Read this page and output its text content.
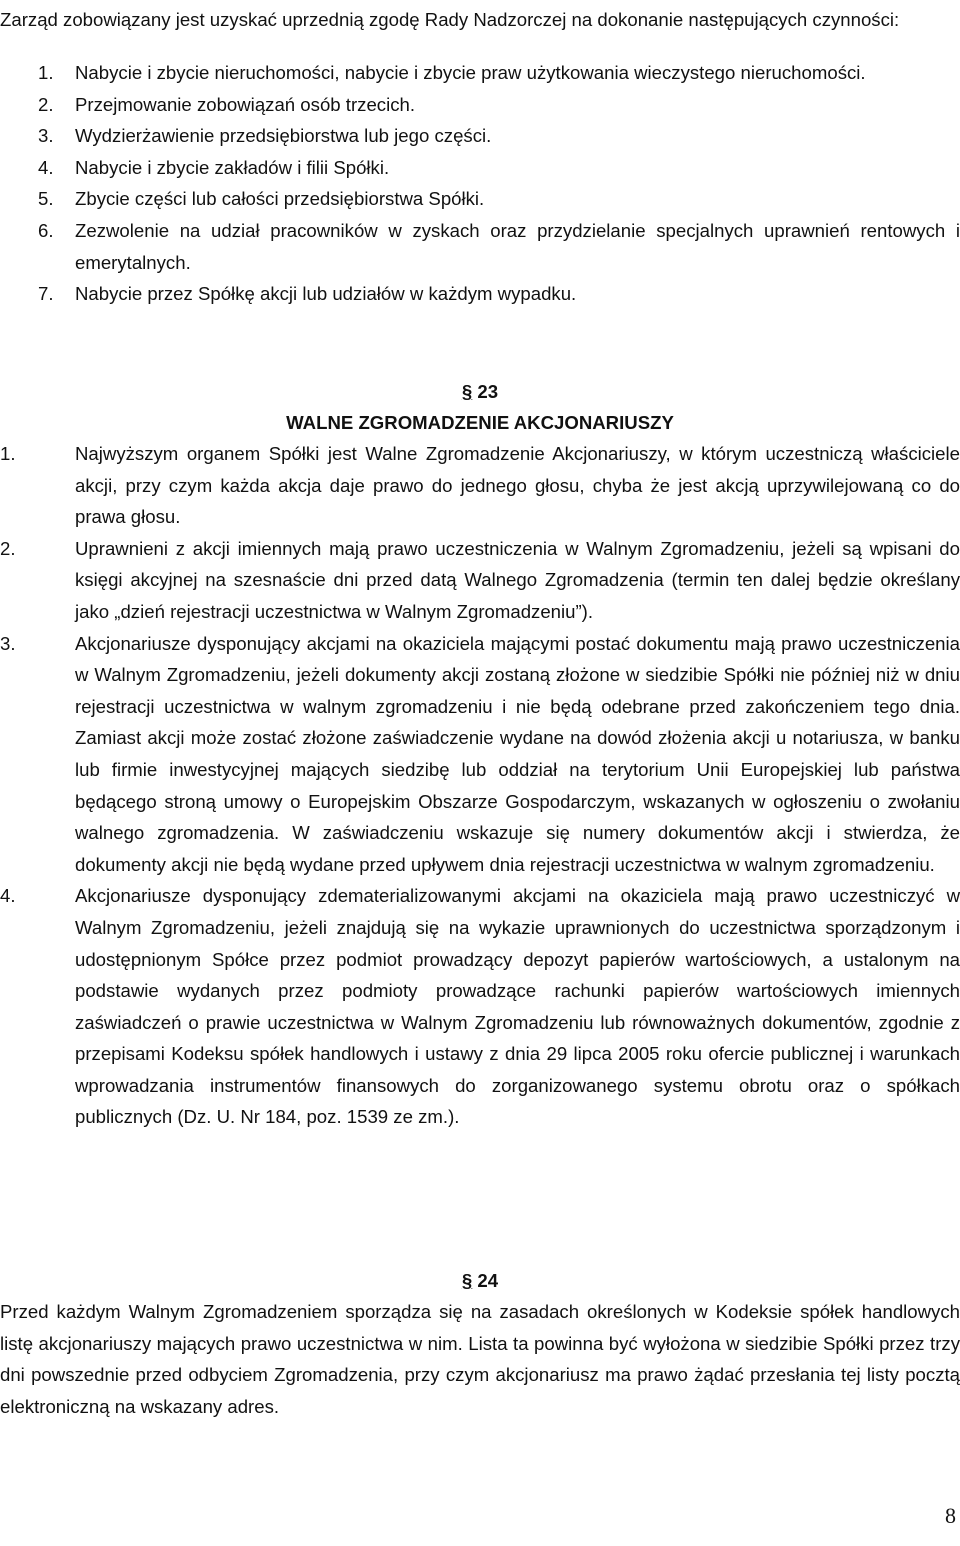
Zarząd zobowiązany jest uzyskać uprzednią zgodę Rady Nadzorczej na dokonanie następujących czynności:
1. Nabycie i zbycie nieruchomości, nabycie i zbycie praw użytkowania wieczystego nieruchomości.
2. Przejmowanie zobowiązań osób trzecich.
3. Wydzierżawienie przedsiębiorstwa lub jego części.
4. Nabycie i zbycie zakładów i filii Spółki.
5. Zbycie części lub całości przedsiębiorstwa Spółki.
6. Zezwolenie na udział pracowników w zyskach oraz przydzielanie specjalnych uprawnień rentowych i emerytalnych.
7. Nabycie przez Spółkę akcji lub udziałów w każdym wypadku.
§ 23
WALNE ZGROMADZENIE AKCJONARIUSZY
1.	Najwyższym organem Spółki jest Walne Zgromadzenie Akcjonariuszy, w którym uczestniczą właściciele akcji, przy czym każda akcja daje prawo do jednego głosu, chyba że jest akcją uprzywilejowaną co do prawa głosu.
2.	Uprawnieni z akcji imiennych mają prawo uczestniczenia w Walnym Zgromadzeniu, jeżeli są wpisani do księgi akcyjnej na szesnaście dni przed datą Walnego Zgromadzenia (termin ten dalej będzie określany jako „dzień rejestracji uczestnictwa w Walnym Zgromadzeniu”).
3.	Akcjonariusze dysponujący akcjami na okaziciela mającymi postać dokumentu mają prawo uczestniczenia w Walnym Zgromadzeniu, jeżeli dokumenty akcji zostaną złożone w siedzibie Spółki nie później niż w dniu rejestracji uczestnictwa w walnym zgromadzeniu i nie będą odebrane przed zakończeniem tego dnia. Zamiast akcji może zostać złożone zaświadczenie wydane na dowód złożenia akcji u notariusza, w banku lub firmie inwestycyjnej mających siedzibę lub oddział na terytorium Unii Europejskiej lub państwa będącego stroną umowy o Europejskim Obszarze Gospodarczym, wskazanych w ogłoszeniu o zwołaniu walnego zgromadzenia. W zaświadczeniu wskazuje się numery dokumentów akcji i stwierdza, że dokumenty akcji nie będą wydane przed upływem dnia rejestracji uczestnictwa w walnym zgromadzeniu.
4.	Akcjonariusze dysponujący zdematerializowanymi akcjami na okaziciela mają prawo uczestniczyć w Walnym Zgromadzeniu, jeżeli znajdują się na wykazie uprawnionych do uczestnictwa sporządzonym i udostępnionym Spółce przez podmiot prowadzący depozyt papierów wartościowych, a ustalonym na podstawie wydanych przez podmioty prowadzące rachunki papierów wartościowych imiennych zaświadczeń o prawie uczestnictwa w Walnym Zgromadzeniu lub równoważnych dokumentów, zgodnie z przepisami Kodeksu spółek handlowych i ustawy z dnia 29 lipca 2005 roku ofercie publicznej i warunkach wprowadzania instrumentów finansowych do zorganizowanego systemu obrotu oraz o spółkach publicznych (Dz. U. Nr 184, poz. 1539 ze zm.).
§ 24
Przed każdym Walnym Zgromadzeniem sporządza się na zasadach określonych w Kodeksie spółek handlowych listę akcjonariuszy mających prawo uczestnictwa w nim. Lista ta powinna być wyłożona w siedzibie Spółki przez trzy dni powszednie przed odbyciem Zgromadzenia, przy czym akcjonariusz ma prawo żądać przesłania tej listy pocztą elektroniczną na wskazany adres.
8
